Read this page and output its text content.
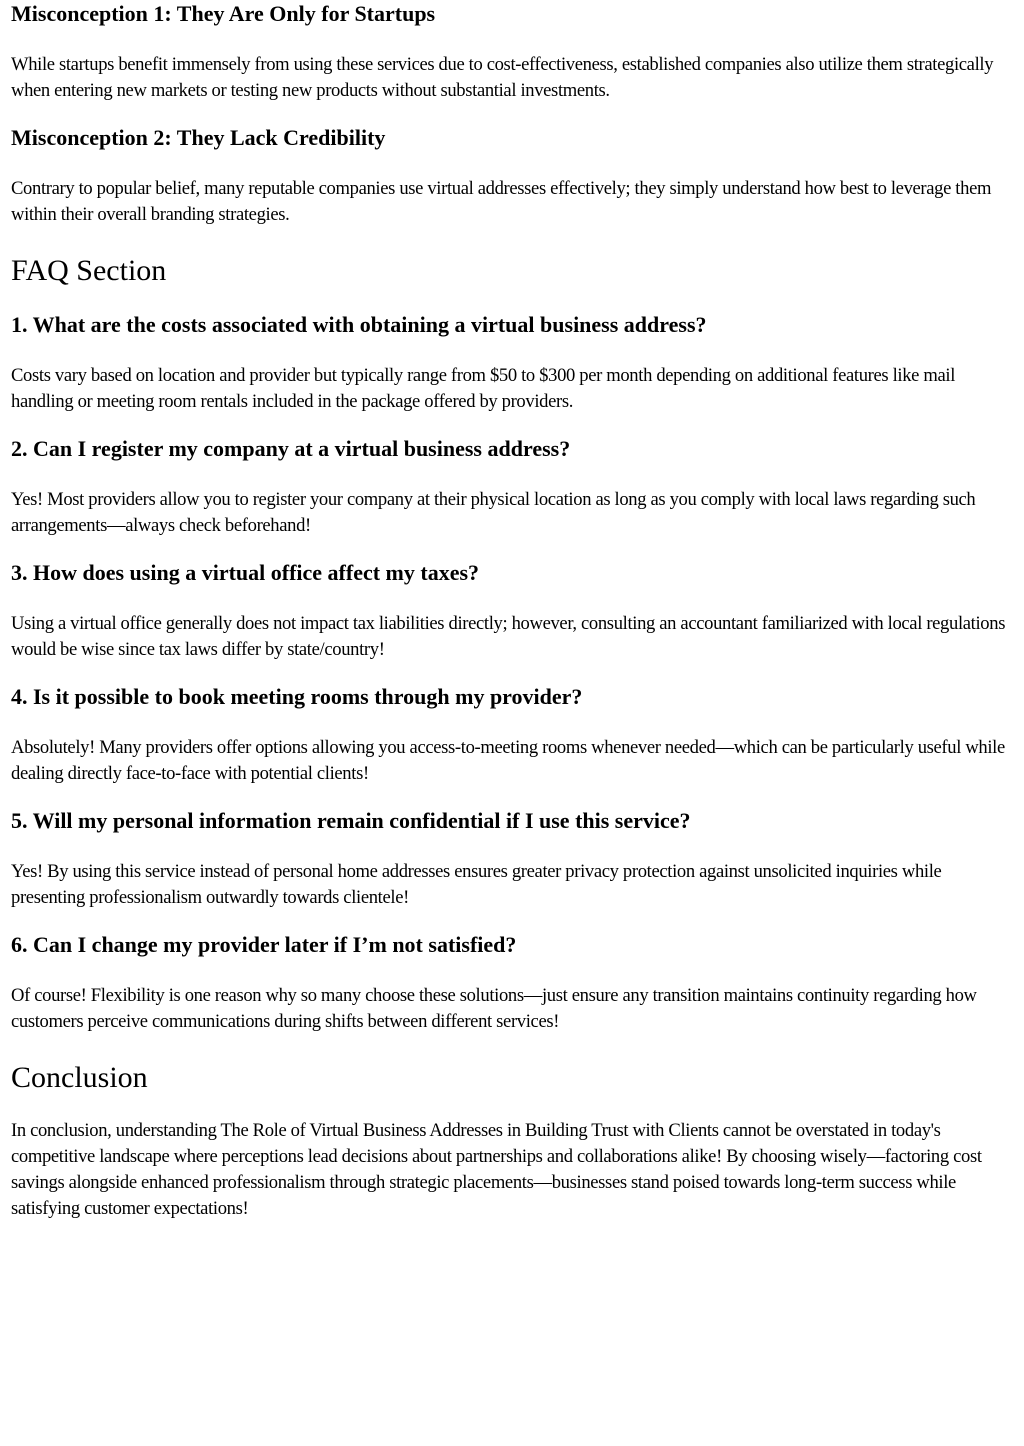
Misconception 1: They Are Only for Startups

While startups benefit immensely from using these services due to cost-effectiveness, established companies also utilize them strategically when entering new markets or testing new products without substantial investments.

Misconception 2: They Lack Credibility

Contrary to popular belief, many reputable companies use virtual addresses effectively; they simply understand how best to leverage them within their overall branding strategies.

FAQ Section
1. What are the costs associated with obtaining a virtual business address?

Costs vary based on location and provider but typically range from $50 to $300 per month depending on additional features like mail handling or meeting room rentals included in the package offered by providers.

2. Can I register my company at a virtual business address?

Yes! Most providers allow you to register your company at their physical location as long as you comply with local laws regarding such arrangements—always check beforehand!

3. How does using a virtual office affect my taxes?

Using a virtual office generally does not impact tax liabilities directly; however, consulting an accountant familiarized with local regulations would be wise since tax laws differ by state/country!

4. Is it possible to book meeting rooms through my provider?

Absolutely! Many providers offer options allowing you access-to-meeting rooms whenever needed—which can be particularly useful while dealing directly face-to-face with potential clients!

5. Will my personal information remain confidential if I use this service?

Yes! By using this service instead of personal home addresses ensures greater privacy protection against unsolicited inquiries while presenting professionalism outwardly towards clientele!

6. Can I change my provider later if I’m not satisfied?

Of course! Flexibility is one reason why so many choose these solutions—just ensure any transition maintains continuity regarding how customers perceive communications during shifts between different services!

Conclusion

In conclusion, understanding The Role of Virtual Business Addresses in Building Trust with Clients cannot be overstated in today's competitive landscape where perceptions lead decisions about partnerships and collaborations alike! By choosing wisely—factoring cost savings alongside enhanced professionalism through strategic placements—businesses stand poised towards long-term success while satisfying customer expectations!
